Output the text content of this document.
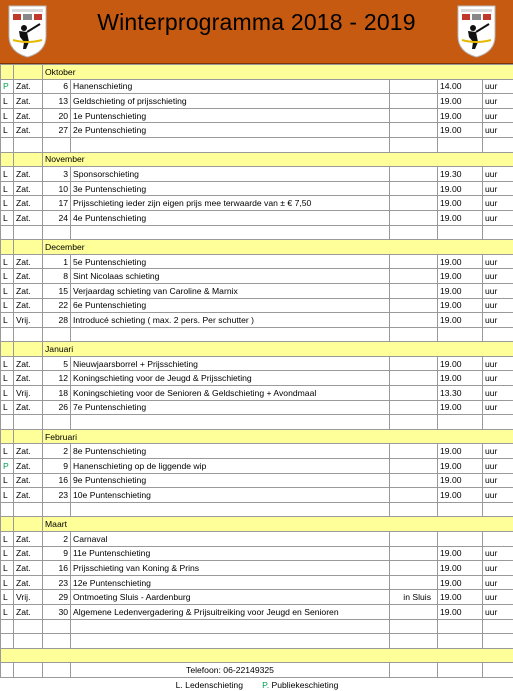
Winterprogramma 2018 - 2019
		Oktober				
P	Zat.	6	Hanenschieting		14.00	uur
L	Zat.	13	Geldschieting of prijsschieting		19.00	uur
L	Zat.	20	1e Puntenschieting		19.00	uur
L	Zat.	27	2e Puntenschieting		19.00	uur

		November				
L	Zat.	3	Sponsorschieting		19.30	uur
L	Zat.	10	3e Puntenschieting		19.00	uur
L	Zat.	17	Prijsschieting ieder zijn eigen prijs mee terwaarde van ± € 7,50		19.00	uur
L	Zat.	24	4e Puntenschieting		19.00	uur

		December				
L	Zat.	1	5e Puntenschieting		19.00	uur
L	Zat.	8	Sint Nicolaas schieting		19.00	uur
L	Zat.	15	Verjaardag schieting van Caroline & Marnix		19.00	uur
L	Zat.	22	6e Puntenschieting		19.00	uur
L	Vrij.	28	Introducé schieting ( max. 2 pers. Per schutter )		19.00	uur

		Januari				
L	Zat.	5	Nieuwjaarsborrel + Prijsschieting		19.00	uur
L	Zat.	12	Koningschieting voor de Jeugd & Prijsschieting		19.00	uur
L	Vrij.	18	Koningschieting voor de Senioren & Geldschieting + Avondmaal		13.30	uur
L	Zat.	26	7e Puntenschieting		19.00	uur

		Februari				
L	Zat.	2	8e Puntenschieting		19.00	uur
P	Zat.	9	Hanenschieting op de liggende wip		19.00	uur
L	Zat.	16	9e Puntenschieting		19.00	uur
L	Zat.	23	10e Puntenschieting		19.00	uur

		Maart				
L	Zat.	2	Carnaval			
L	Zat.	9	11e Puntenschieting		19.00	uur
L	Zat.	16	Prijsschieting van Koning & Prins		19.00	uur
L	Zat.	23	12e Puntenschieting		19.00	uur
L	Vrij.	29	Ontmoeting Sluis - Aardenburg	in Sluis	19.00	uur
L	Zat.	30	Algemene Ledenvergadering & Prijsuitreiking voor Jeugd en Senioren		19.00	uur

			Telefoon: 06-22149325			

L. Ledenschieting P. Publiekeschieting						
